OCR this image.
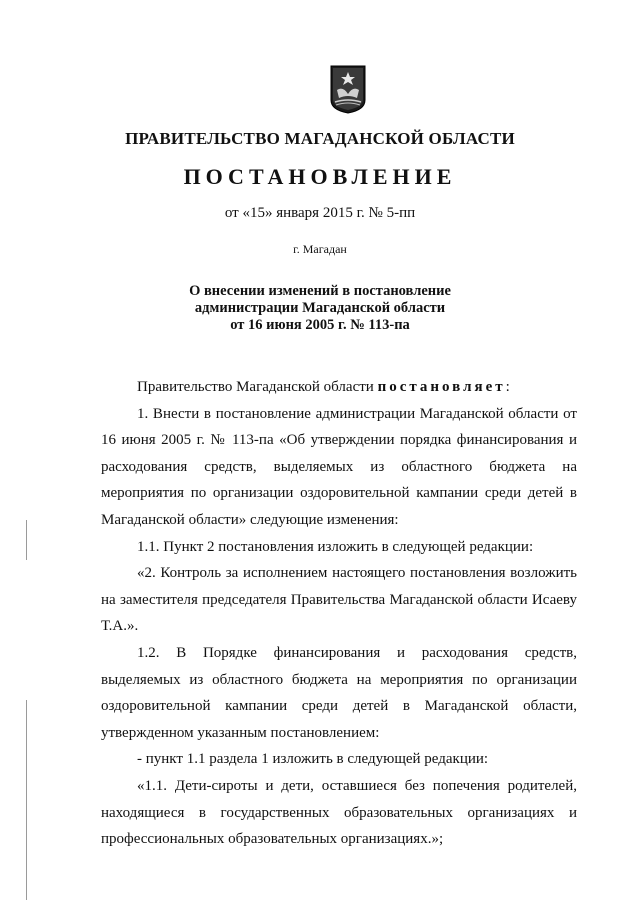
ПРАВИТЕЛЬСТВО МАГАДАНСКОЙ ОБЛАСТИ
ПОСТАНОВЛЕНИЕ
от «15» января 2015 г. № 5-пп
г. Магадан
О внесении изменений в постановление
администрации Магаданской области
от 16 июня 2005 г. № 113-па

Правительство Магаданской области постановляет:

1. Внести в постановление администрации Магаданской области от 16 июня 2005 г. № 113-па «Об утверждении порядка финансирования и расходования средств, выделяемых из областного бюджета на мероприятия по организации оздоровительной кампании среди детей в Магаданской области» следующие изменения:

1.1. Пункт 2 постановления изложить в следующей редакции:

«2. Контроль за исполнением настоящего постановления возложить на заместителя председателя Правительства Магаданской области Исаеву Т.А.».

1.2. В Порядке финансирования и расходования средств, выделяемых из областного бюджета на мероприятия по организации оздоровительной кампании среди детей в Магаданской области, утвержденном указанным постановлением:

- пункт 1.1 раздела 1 изложить в следующей редакции:

«1.1. Дети-сироты и дети, оставшиеся без попечения родителей, находящиеся в государственных образовательных организациях и профессиональных образовательных организациях.»;
